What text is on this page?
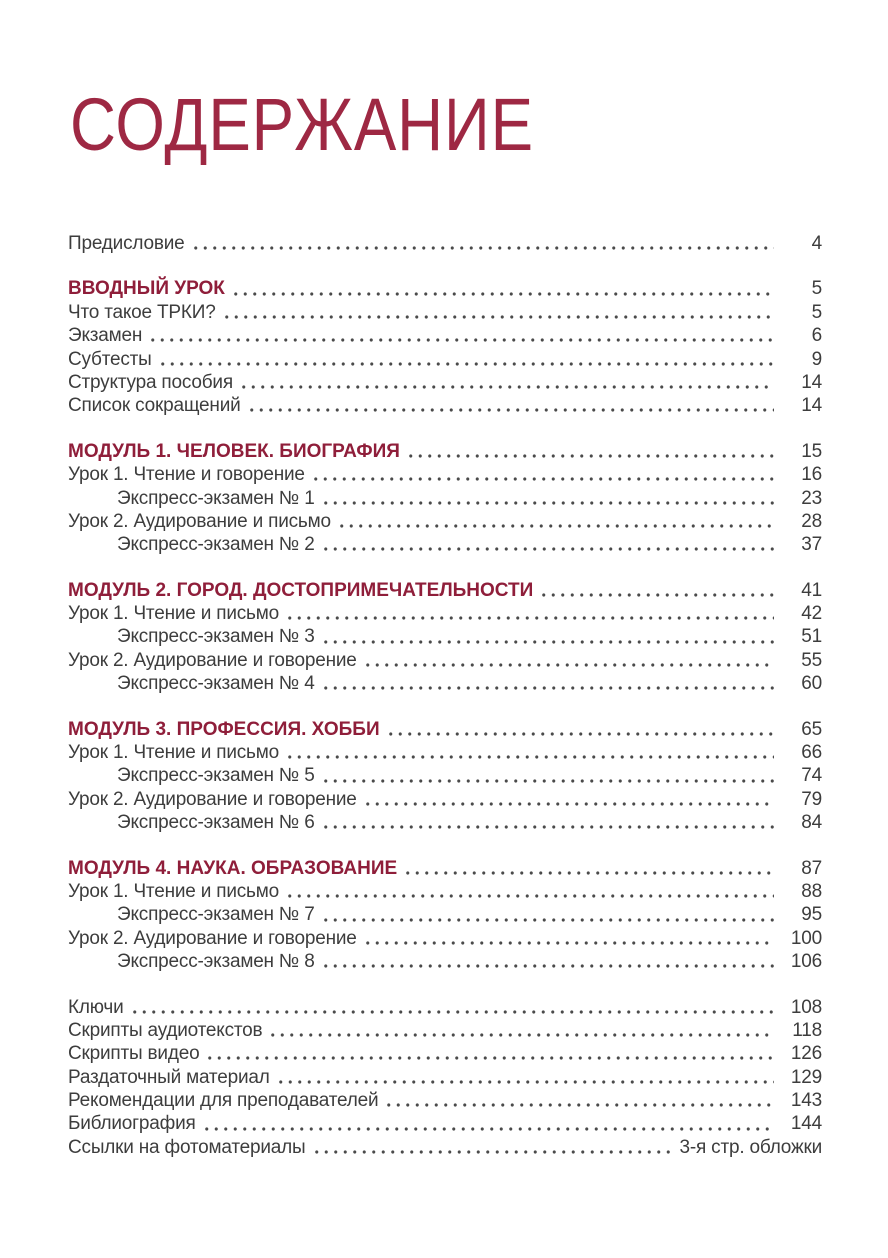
СОДЕРЖАНИЕ
Предисловие	4
ВВОДНЫЙ УРОК	5
Что такое ТРКИ?	5
Экзамен	6
Субтесты	9
Структура пособия	14
Список сокращений	14
МОДУЛЬ 1. ЧЕЛОВЕК. БИОГРАФИЯ	15
Урок 1. Чтение и говорение	16
Экспресс-экзамен № 1	23
Урок 2. Аудирование и письмо	28
Экспресс-экзамен № 2	37
МОДУЛЬ 2. ГОРОД. ДОСТОПРИМЕЧАТЕЛЬНОСТИ	41
Урок 1. Чтение и письмо	42
Экспресс-экзамен № 3	51
Урок 2. Аудирование и говорение	55
Экспресс-экзамен № 4	60
МОДУЛЬ 3. ПРОФЕССИЯ. ХОББИ	65
Урок 1. Чтение и письмо	66
Экспресс-экзамен № 5	74
Урок 2. Аудирование и говорение	79
Экспресс-экзамен № 6	84
МОДУЛЬ 4. НАУКА. ОБРАЗОВАНИЕ	87
Урок 1. Чтение и письмо	88
Экспресс-экзамен № 7	95
Урок 2. Аудирование и говорение	100
Экспресс-экзамен № 8	106
Ключи	108
Скрипты аудиотекстов	118
Скрипты видео	126
Раздаточный материал	129
Рекомендации для преподавателей	143
Библиография	144
Ссылки на фотоматериалы	3-я стр. обложки
